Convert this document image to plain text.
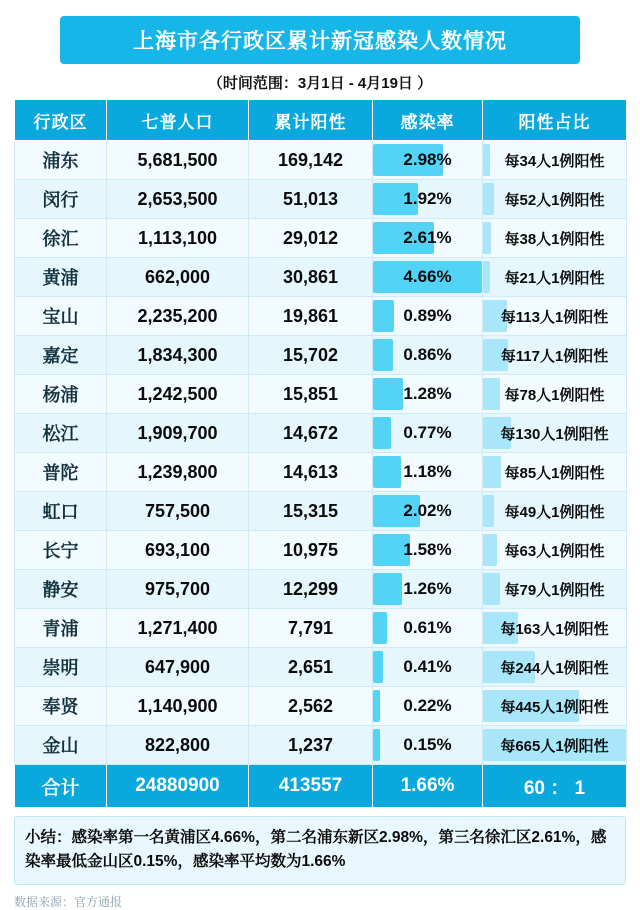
上海市各行政区累计新冠感染人数情况
（时间范围：3月1日 - 4月19日 ）
行政区	七普人口	累计阳性	感染率	阳性占比
浦东	5,681,500	169,142	2.98%	每34人1例阳性

闵行	2,653,500	51,013	1.92%	每52人1例阳性

徐汇	1,113,100	29,012	2.61%	每38人1例阳性

黄浦	662,000	30,861	4.66%	每21人1例阳性

宝山	2,235,200	19,861	0.89%	每113人1例阳性

嘉定	1,834,300	15,702	0.86%	每117人1例阳性

杨浦	1,242,500	15,851	1.28%	每78人1例阳性

松江	1,909,700	14,672	0.77%	每130人1例阳性

普陀	1,239,800	14,613	1.18%	每85人1例阳性

虹口	757,500	15,315	2.02%	每49人1例阳性

长宁	693,100	10,975	1.58%	每63人1例阳性

静安	975,700	12,299	1.26%	每79人1例阳性

青浦	1,271,400	7,791	0.61%	每163人1例阳性

崇明	647,900	2,651	0.41%	每244人1例阳性

奉贤	1,140,900	2,562	0.22%	每445人1例阳性

金山	822,800	1,237	0.15%	每665人1例阳性

合计	24880900	413557	1.66%	60 ： 1
小结：感染率第一名黄浦区4.66%，第二名浦东新区2.98%，第三名徐汇区2.61%，感染率最低金山区0.15%，感染率平均数为1.66%
数据来源：官方通报
